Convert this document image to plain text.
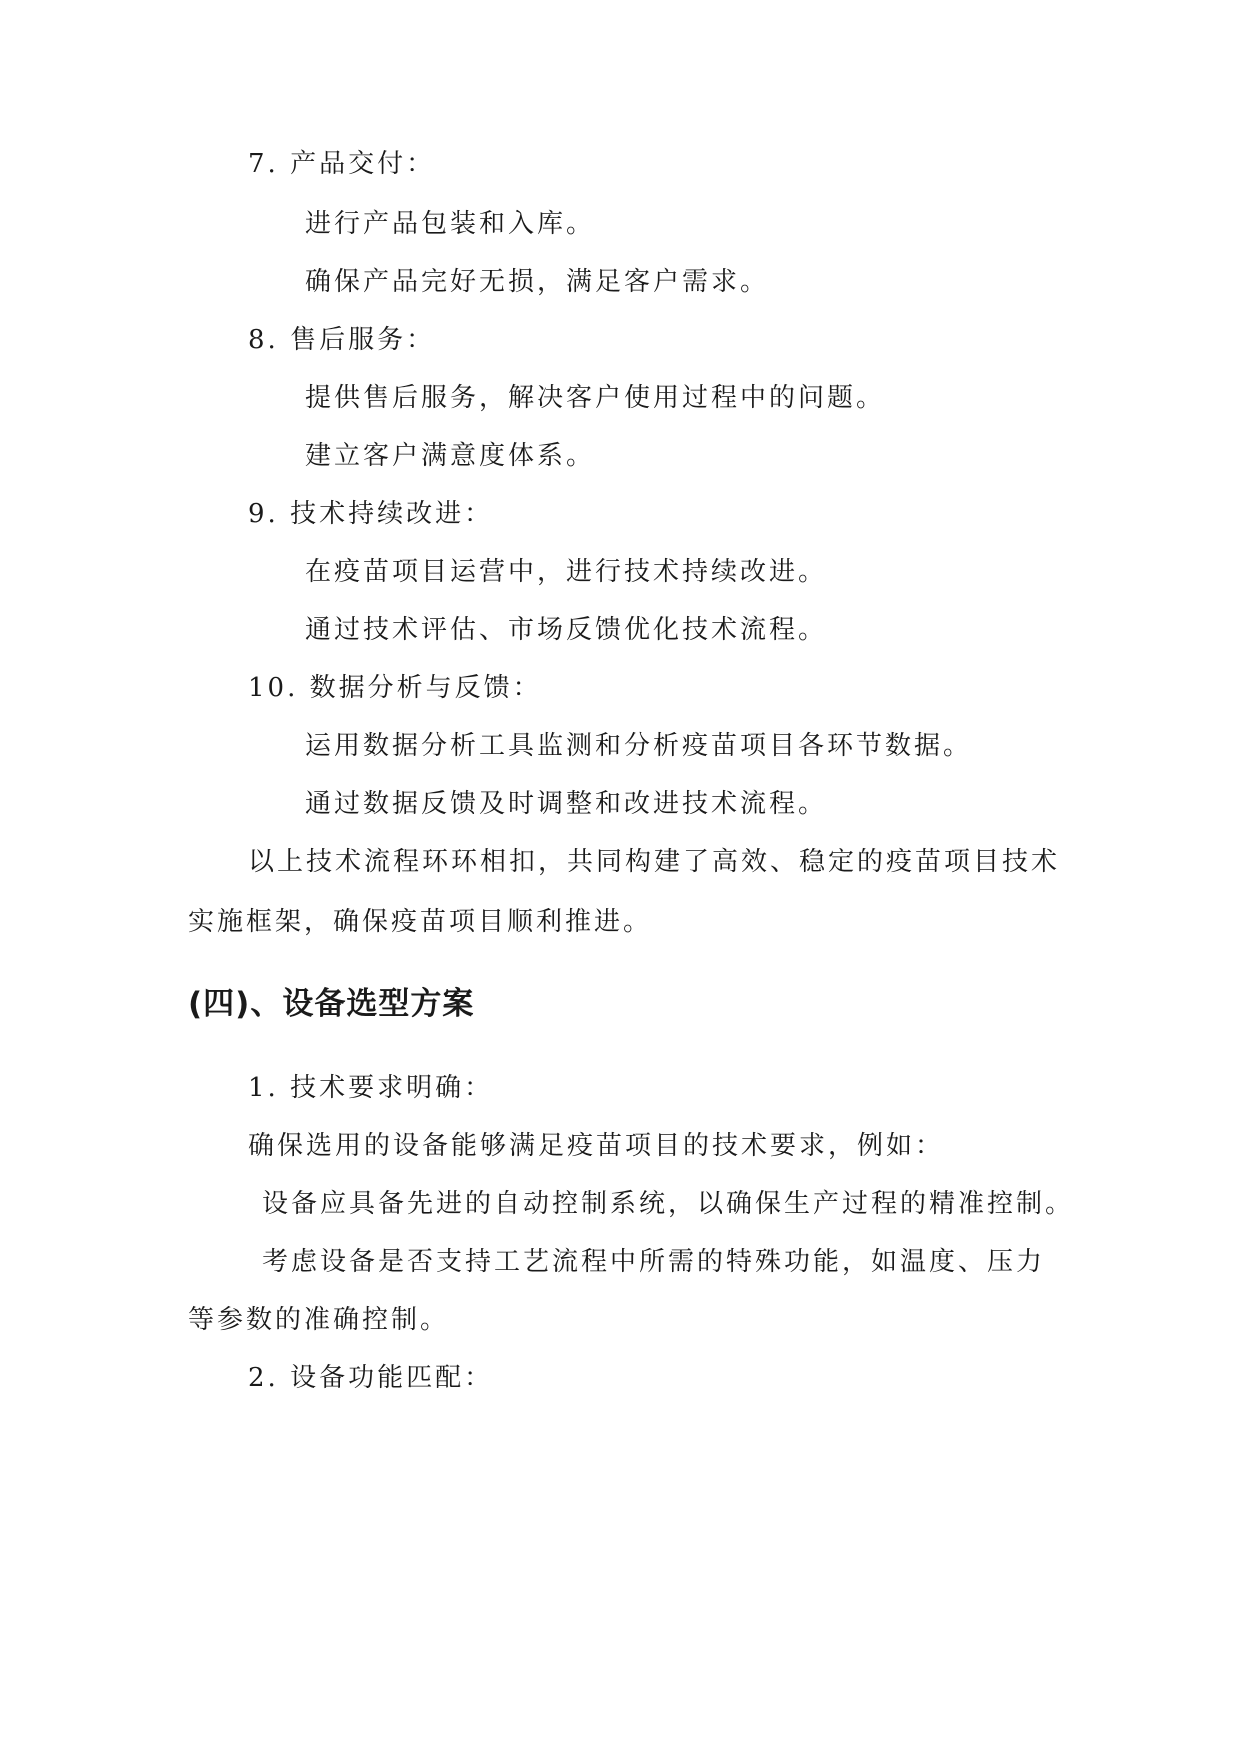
7. 产品交付：

进行产品包装和入库。

确保产品完好无损，满足客户需求。

8. 售后服务：

提供售后服务，解决客户使用过程中的问题。

建立客户满意度体系。

9. 技术持续改进：

在疫苗项目运营中，进行技术持续改进。

通过技术评估、市场反馈优化技术流程。

10. 数据分析与反馈：

运用数据分析工具监测和分析疫苗项目各环节数据。

通过数据反馈及时调整和改进技术流程。

以上技术流程环环相扣，共同构建了高效、稳定的疫苗项目技术

实施框架，确保疫苗项目顺利推进。

(四)、设备选型方案

1. 技术要求明确：

确保选用的设备能够满足疫苗项目的技术要求，例如：

设备应具备先进的自动控制系统，以确保生产过程的精准控制。

考虑设备是否支持工艺流程中所需的特殊功能，如温度、压力

等参数的准确控制。

2. 设备功能匹配：
